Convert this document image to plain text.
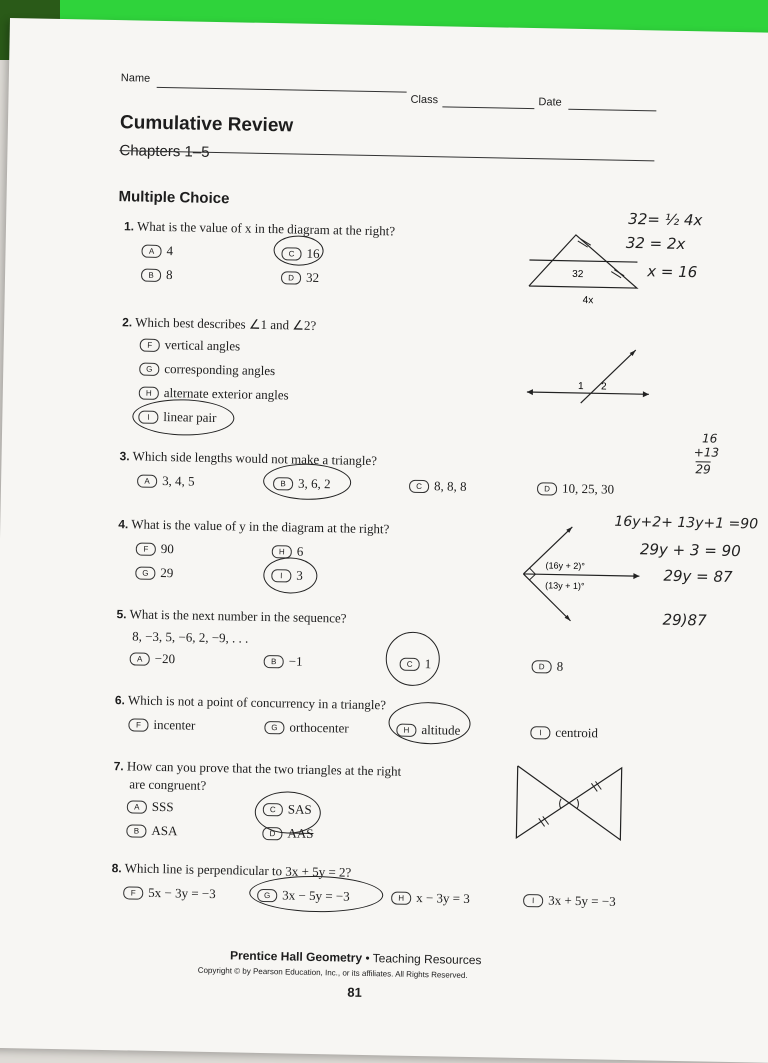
Name
Class	Date
Cumulative Review
Chapters 1–5
Multiple Choice
1. What is the value of x in the diagram at the right?
A 4	C 16
B 8	D 32	32
4x
32= ½ 4x
32 = 2x
x = 16
2. Which best describes ∠1 and ∠2?
F vertical angles
G corresponding angles
H alternate exterior angles
I	linear pair
1 2
3. Which side lengths would not make a triangle?
A 3, 4, 5	B 3, 6, 2	C 8, 8, 8	D 10, 25, 30
16
+13
29
4. What is the value of y in the diagram at the right?
F 90	H 6
G 29	I	3
(16y + 2)°
(13y + 1)°
16y+2+ 13y+1 =90
29y + 3 = 90
29y = 87
29)87
5. What is the next number in the sequence?
8, −3, 5, −6, 2, −9, . . .
A −20	B −1	C 1	D 8
6. Which is not a point of concurrency in a triangle?
F incenter	G orthocenter	H altitude	I	centroid
7. How can you prove that the two triangles at the right
are congruent?
A SSS	C SAS
B ASA	D AAS
8. Which line is perpendicular to 3x + 5y = 2?
F 5x − 3y = −3	G 3x − 5y = −3	H x − 3y = 3	I	3x + 5y = −3
Prentice Hall Geometry • Teaching Resources
Copyright © by Pearson Education, Inc., or its affiliates. All Rights Reserved.
81
